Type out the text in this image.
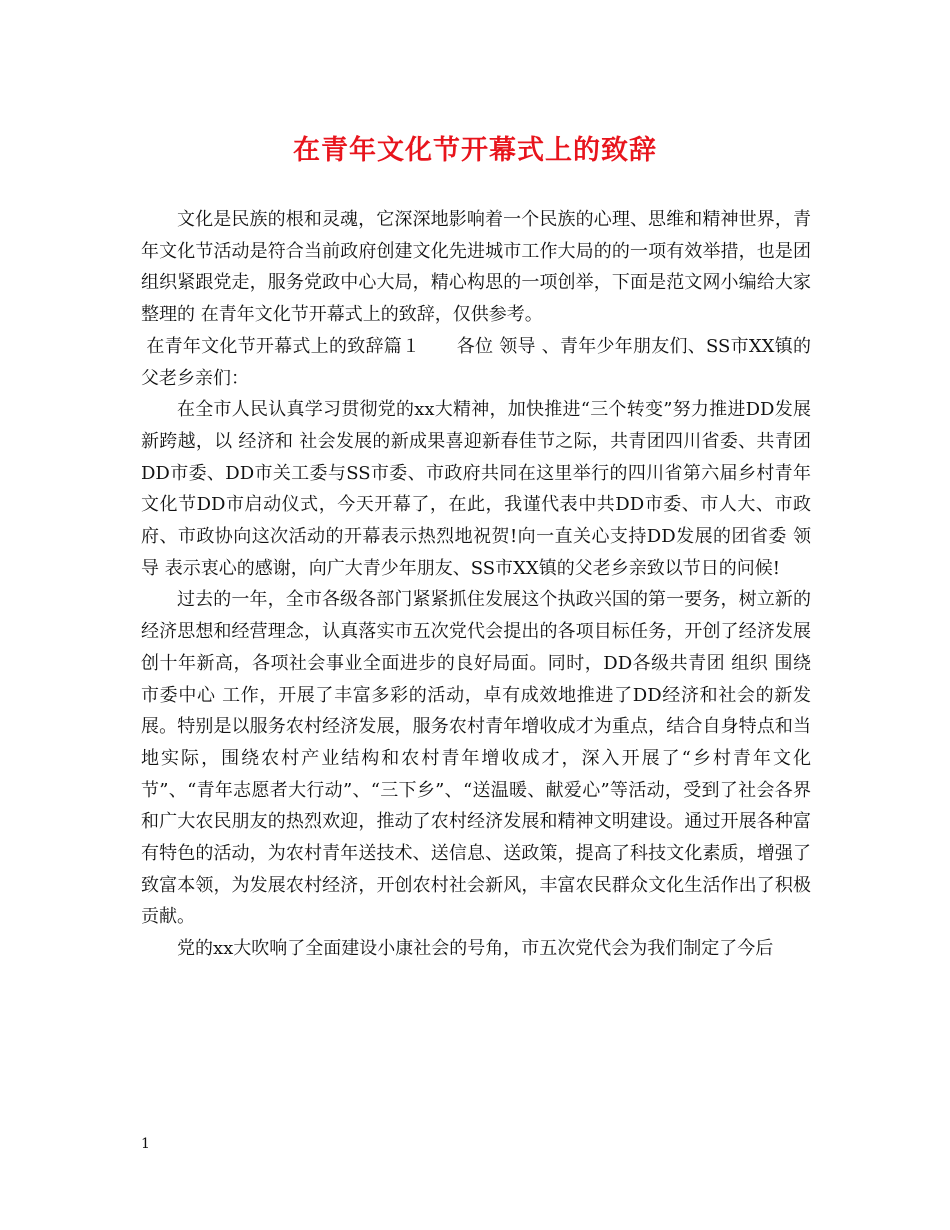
在青年文化节开幕式上的致辞

文化是民族的根和灵魂，它深深地影响着一个民族的心理、思维和精神世界，青年文化节活动是符合当前政府创建文化先进城市工作大局的的一项有效举措，也是团组织紧跟党走，服务党政中心大局，精心构思的一项创举，下面是范文网小编给大家整理的 在青年文化节开幕式上的致辞，仅供参考。

在青年文化节开幕式上的致辞篇１　　各位 领导 、青年少年朋友们、SS市XX镇的父老乡亲们：

在全市人民认真学习贯彻党的xx大精神，加快推进“三个转变”努力推进DD发展新跨越，以 经济和 社会发展的新成果喜迎新春佳节之际，共青团四川省委、共青团DD市委、DD市关工委与SS市委、市政府共同在这里举行的四川省第六届乡村青年 文化节DD市启动仪式，今天开幕了，在此，我谨代表中共DD市委、市人大、市政府、市政协向这次活动的开幕表示热烈地祝贺!向一直关心支持DD发展的团省委 领导 表示衷心的感谢，向广大青少年朋友、SS市XX镇的父老乡亲致以节日的问候!

过去的一年，全市各级各部门紧紧抓住发展这个执政兴国的第一要务，树立新的经济思想和经营理念，认真落实市五次党代会提出的各项目标任务，开创了经济发展创十年新高，各项社会事业全面进步的良好局面。同时，DD各级共青团 组织 围绕市委中心 工作，开展了丰富多彩的活动，卓有成效地推进了DD经济和社会的新发展。特别是以服务农村经济发展，服务农村青年增收成才为重点，结合自身特点和当地实际，围绕农村产业结构和农村青年增收成才，深入开展了“乡村青年文化节”、“青年志愿者大行动”、“三下乡”、“送温暖、献爱心”等活动，受到了社会各界和广大农民朋友的热烈欢迎，推动了农村经济发展和精神文明建设。通过开展各种富有特色的活动，为农村青年送技术、送信息、送政策，提高了科技文化素质，增强了致富本领，为发展农村经济，开创农村社会新风，丰富农民群众文化生活作出了积极贡献。

党的xx大吹响了全面建设小康社会的号角，市五次党代会为我们制定了今后

1
